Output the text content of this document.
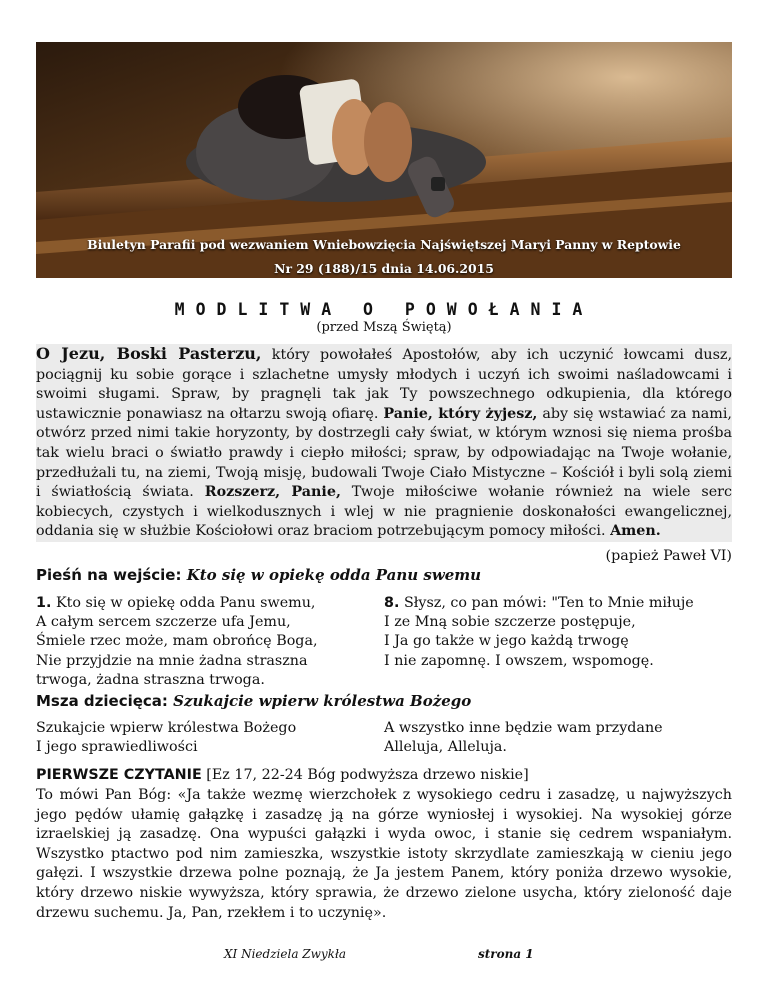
Biuletyn Parafii pod wezwaniem Wniebowzięcia Najświętszej Maryi Panny w Reptowie
Nr 29 (188)/15 dnia 14.06.2015
MODLITWA O POWOŁANIA
(przed Mszą Świętą)
O Jezu, Boski Pasterzu, który powołałeś Apostołów, aby ich uczynić łowcami dusz, pociągnij ku sobie gorące i szlachetne umysły młodych i uczyń ich swoimi naśladowcami i swoimi sługami. Spraw, by pragnęli tak jak Ty powszechnego odkupienia, dla którego ustawicznie ponawiasz na ołtarzu swoją ofiarę. Panie, który żyjesz, aby się wstawiać za nami, otwórz przed nimi takie horyzonty, by dostrzegli cały świat, w którym wznosi się niema prośba tak wielu braci o światło prawdy i ciepło miłości; spraw, by odpowiadając na Twoje wołanie, przedłużali tu, na ziemi, Twoją misję, budowali Twoje Ciało Mistyczne – Kościół i byli solą ziemi i światłością świata. Rozszerz, Panie, Twoje miłościwe wołanie również na wiele serc kobiecych, czystych i wielkodusznych i wlej w nie pragnienie doskonałości ewangelicznej, oddania się w służbie Kościołowi oraz braciom potrzebującym pomocy miłości. Amen.
(papież Paweł VI)
Pieśń na wejście: Kto się w opiekę odda Panu swemu
1. Kto się w opiekę odda Panu swemu,
A całym sercem szczerze ufa Jemu,
Śmiele rzec może, mam obrońcę Boga,
Nie przyjdzie na mnie żadna straszna
trwoga, żadna straszna trwoga.
8. Słysz, co pan mówi: "Ten to Mnie miłuje
I ze Mną sobie szczerze postępuje,
I Ja go także w jego każdą trwogę
I nie zapomnę. I owszem, wspomogę.
Msza dziecięca: Szukajcie wpierw królestwa Bożego
Szukajcie wpierw królestwa Bożego
I jego sprawiedliwości
A wszystko inne będzie wam przydane
Alleluja, Alleluja.
PIERWSZE CZYTANIE [Ez 17, 22-24 Bóg podwyższa drzewo niskie]
To mówi Pan Bóg: «Ja także wezmę wierzchołek z wysokiego cedru i zasadzę, u najwyższych jego pędów ułamię gałązkę i zasadzę ją na górze wyniosłej i wysokiej. Na wysokiej górze izraelskiej ją zasadzę. Ona wypuści gałązki i wyda owoc, i stanie się cedrem wspaniałym. Wszystko ptactwo pod nim zamieszka, wszystkie istoty skrzydlate zamieszkają w cieniu jego gałęzi. I wszystkie drzewa polne poznają, że Ja jestem Panem, który poniża drzewo wysokie, który drzewo niskie wywyższa, który sprawia, że drzewo zielone usycha, który zieloność daje drzewu suchemu. Ja, Pan, rzekłem i to uczynię».
XI Niedziela Zwykła	strona 1
